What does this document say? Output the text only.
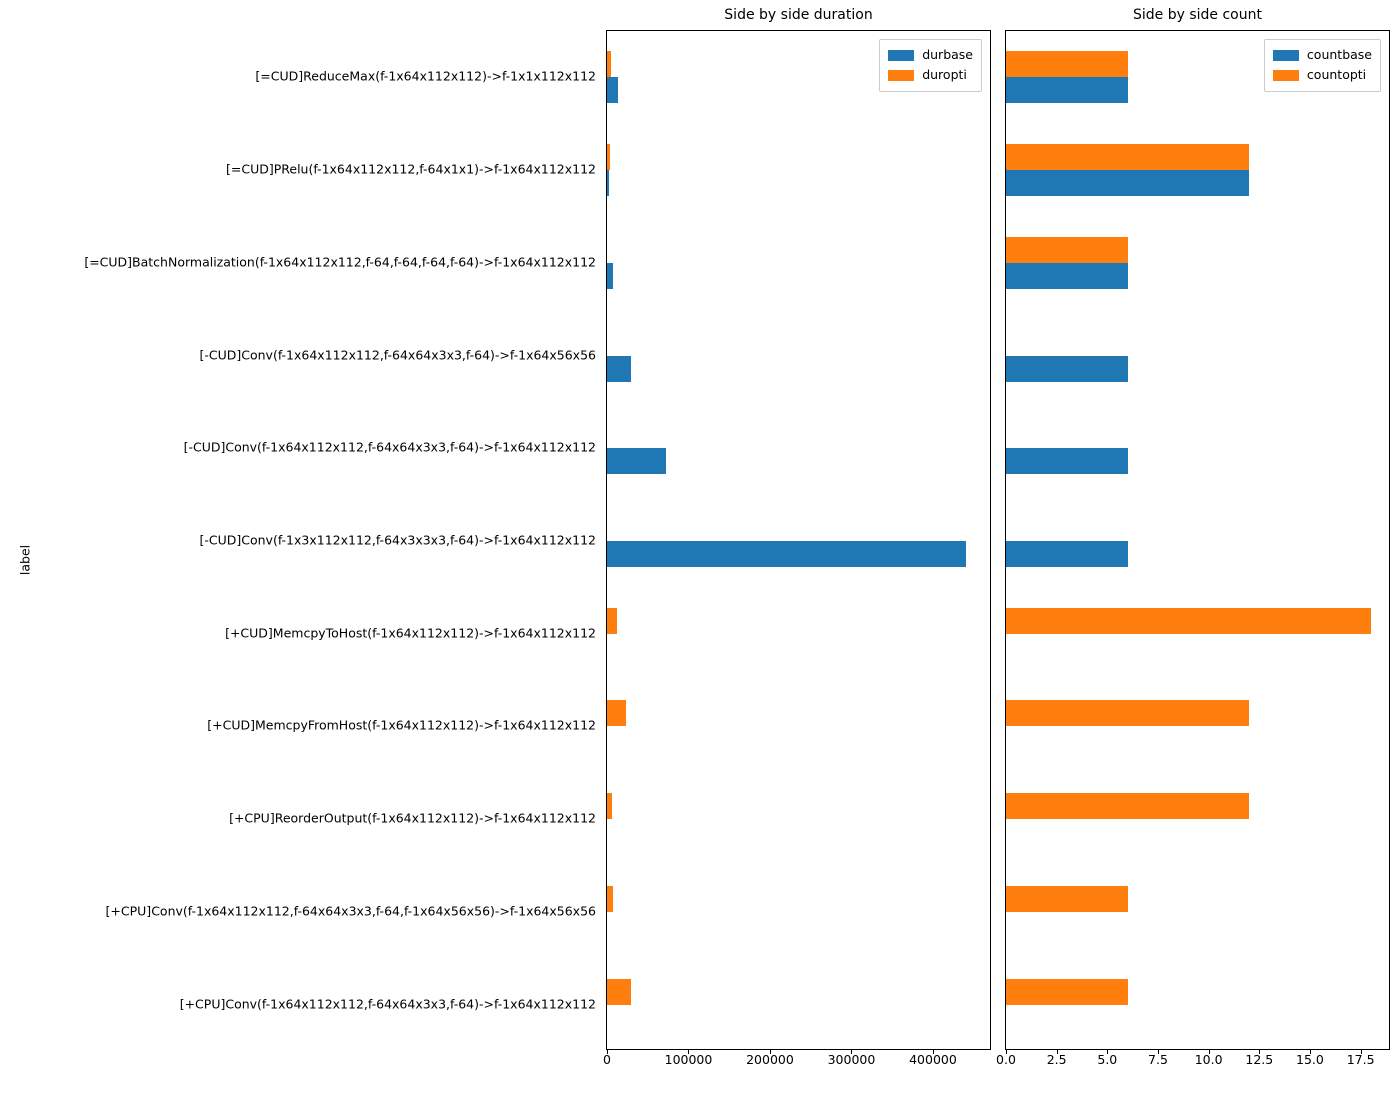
label
[=CUD]ReduceMax(f-1x64x112x112)->f-1x1x112x112
[=CUD]PRelu(f-1x64x112x112,f-64x1x1)->f-1x64x112x112
[=CUD]BatchNormalization(f-1x64x112x112,f-64,f-64,f-64,f-64)->f-1x64x112x112
[-CUD]Conv(f-1x64x112x112,f-64x64x3x3,f-64)->f-1x64x56x56
[-CUD]Conv(f-1x64x112x112,f-64x64x3x3,f-64)->f-1x64x112x112
[-CUD]Conv(f-1x3x112x112,f-64x3x3x3,f-64)->f-1x64x112x112
[+CUD]MemcpyToHost(f-1x64x112x112)->f-1x64x112x112
[+CUD]MemcpyFromHost(f-1x64x112x112)->f-1x64x112x112
[+CPU]ReorderOutput(f-1x64x112x112)->f-1x64x112x112
[+CPU]Conv(f-1x64x112x112,f-64x64x3x3,f-64,f-1x64x56x56)->f-1x64x56x56
[+CPU]Conv(f-1x64x112x112,f-64x64x3x3,f-64)->f-1x64x112x112
Side by side duration
durbase
duropti
Side by side count
countbase
countopti
0	100000	200000	300000	400000	0.0 2.5 5.0 7.5 10.0 12.5 15.0 17.5
